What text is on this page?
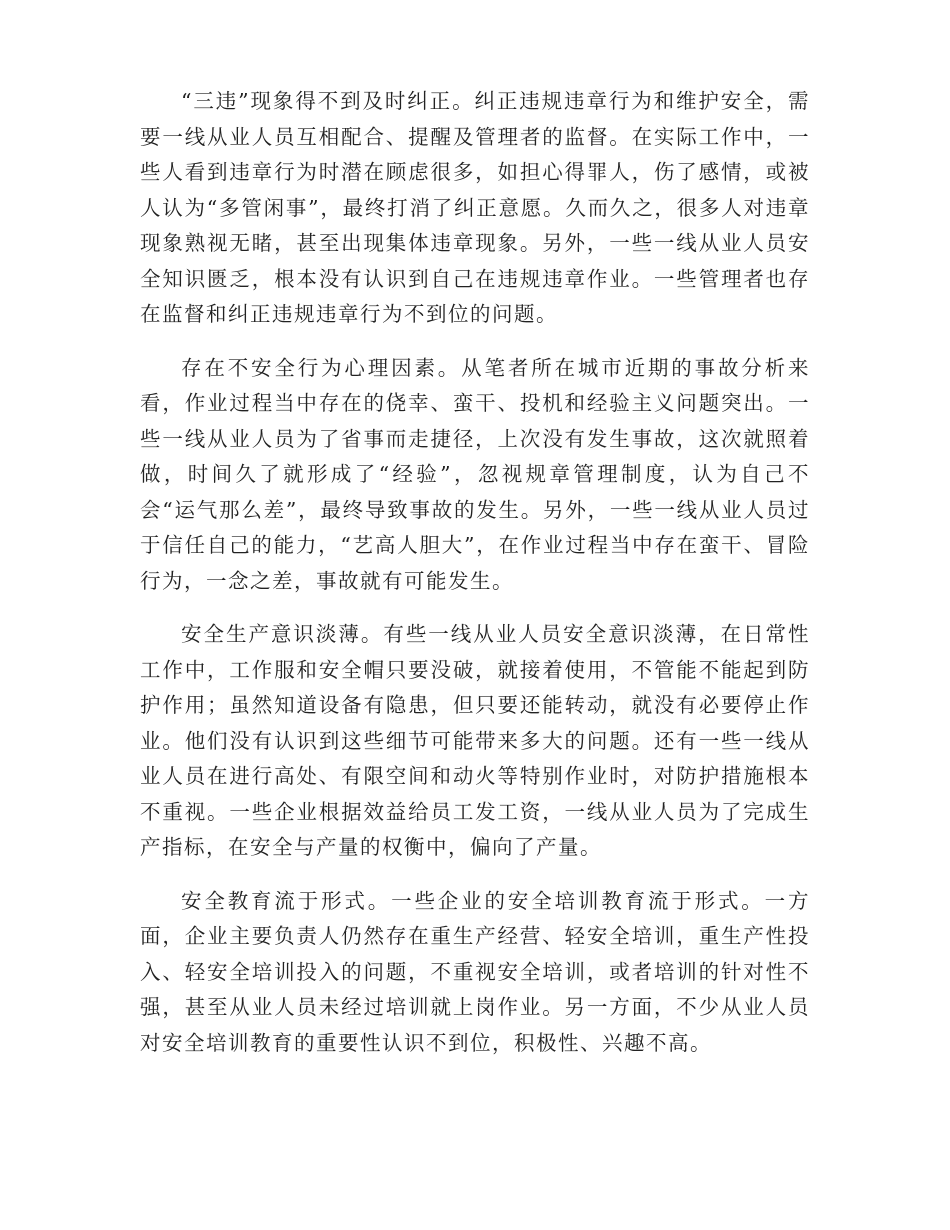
“三违”现象得不到及时纠正。纠正违规违章行为和维护安全，需要一线从业人员互相配合、提醒及管理者的监督。在实际工作中，一些人看到违章行为时潜在顾虑很多，如担心得罪人，伤了感情，或被人认为“多管闲事”，最终打消了纠正意愿。久而久之，很多人对违章现象熟视无睹，甚至出现集体违章现象。另外，一些一线从业人员安全知识匮乏，根本没有认识到自己在违规违章作业。一些管理者也存在监督和纠正违规违章行为不到位的问题。

存在不安全行为心理因素。从笔者所在城市近期的事故分析来看，作业过程当中存在的侥幸、蛮干、投机和经验主义问题突出。一些一线从业人员为了省事而走捷径，上次没有发生事故，这次就照着做，时间久了就形成了“经验”，忽视规章管理制度，认为自己不会“运气那么差”，最终导致事故的发生。另外，一些一线从业人员过于信任自己的能力，“艺高人胆大”，在作业过程当中存在蛮干、冒险行为，一念之差，事故就有可能发生。

安全生产意识淡薄。有些一线从业人员安全意识淡薄，在日常性工作中，工作服和安全帽只要没破，就接着使用，不管能不能起到防护作用；虽然知道设备有隐患，但只要还能转动，就没有必要停止作业。他们没有认识到这些细节可能带来多大的问题。还有一些一线从业人员在进行高处、有限空间和动火等特别作业时，对防护措施根本不重视。一些企业根据效益给员工发工资，一线从业人员为了完成生产指标，在安全与产量的权衡中，偏向了产量。

安全教育流于形式。一些企业的安全培训教育流于形式。一方面，企业主要负责人仍然存在重生产经营、轻安全培训，重生产性投入、轻安全培训投入的问题，不重视安全培训，或者培训的针对性不强，甚至从业人员未经过培训就上岗作业。另一方面，不少从业人员对安全培训教育的重要性认识不到位，积极性、兴趣不高。
